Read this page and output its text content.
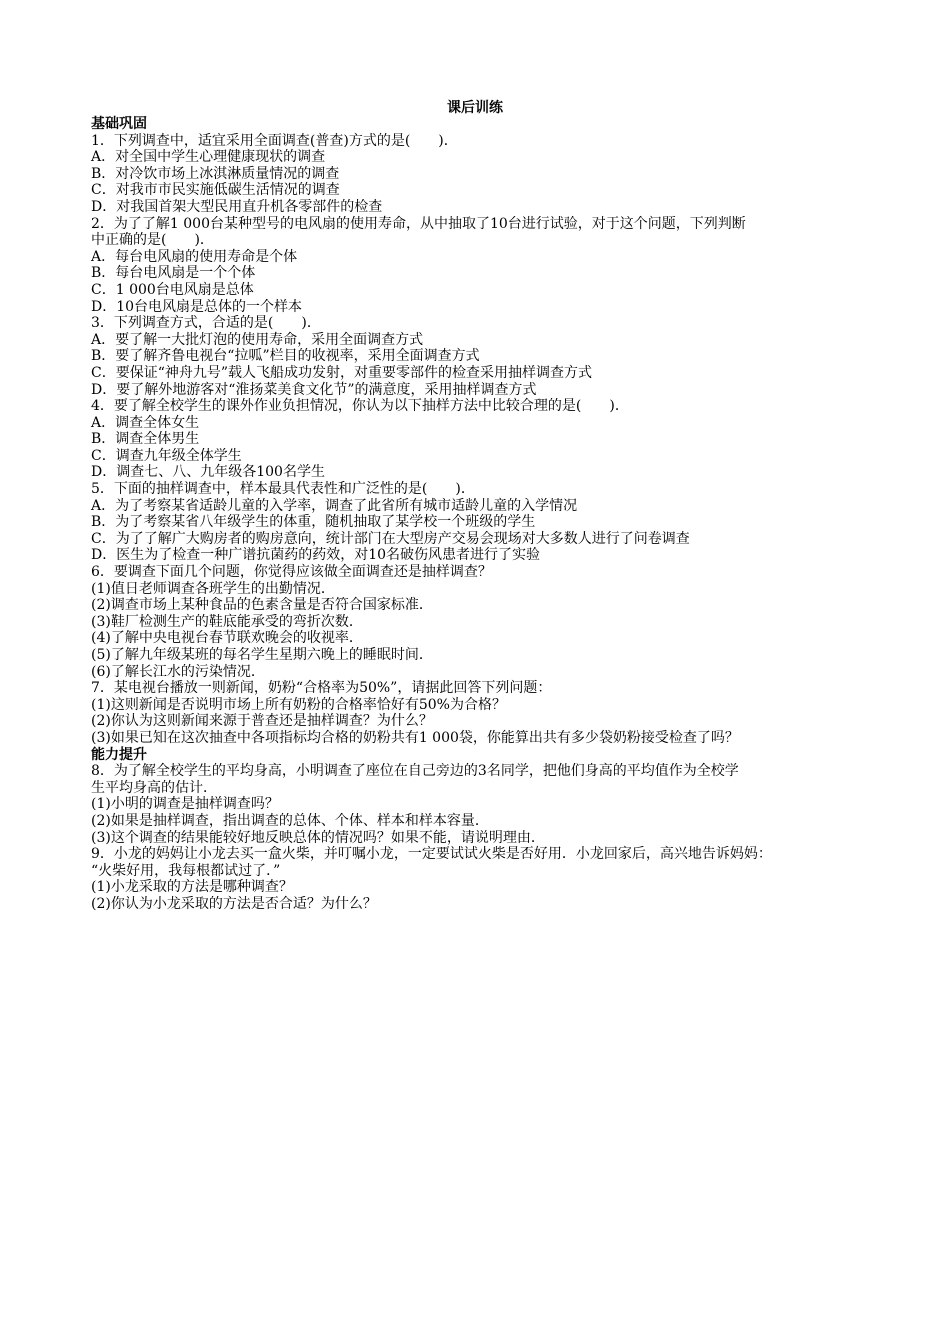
课后训练
基础巩固
1．下列调查中，适宜采用全面调查(普查)方式的是(　　)．
A．对全国中学生心理健康现状的调查
B．对冷饮市场上冰淇淋质量情况的调查
C．对我市市民实施低碳生活情况的调查
D．对我国首架大型民用直升机各零部件的检查
2．为了了解1 000台某种型号的电风扇的使用寿命，从中抽取了10台进行试验，对于这个问题，下列判断
中正确的是(　　)．
A．每台电风扇的使用寿命是个体
B．每台电风扇是一个个体
C．1 000台电风扇是总体
D．10台电风扇是总体的一个样本
3．下列调查方式，合适的是(　　)．
A．要了解一大批灯泡的使用寿命，采用全面调查方式
B．要了解齐鲁电视台“拉呱”栏目的收视率，采用全面调查方式
C．要保证“神舟九号”载人飞船成功发射，对重要零部件的检查采用抽样调查方式
D．要了解外地游客对“淮扬菜美食文化节”的满意度，采用抽样调查方式
4．要了解全校学生的课外作业负担情况，你认为以下抽样方法中比较合理的是(　　)．
A．调查全体女生
B．调查全体男生
C．调查九年级全体学生
D．调查七、八、九年级各100名学生
5．下面的抽样调查中，样本最具代表性和广泛性的是(　　)．
A．为了考察某省适龄儿童的入学率，调查了此省所有城市适龄儿童的入学情况
B．为了考察某省八年级学生的体重，随机抽取了某学校一个班级的学生
C．为了了解广大购房者的购房意向，统计部门在大型房产交易会现场对大多数人进行了问卷调查
D．医生为了检查一种广谱抗菌药的药效，对10名破伤风患者进行了实验
6．要调查下面几个问题，你觉得应该做全面调查还是抽样调查？
(1)值日老师调查各班学生的出勤情况．
(2)调查市场上某种食品的色素含量是否符合国家标准．
(3)鞋厂检测生产的鞋底能承受的弯折次数．
(4)了解中央电视台春节联欢晚会的收视率．
(5)了解九年级某班的每名学生星期六晚上的睡眠时间．
(6)了解长江水的污染情况．
7．某电视台播放一则新闻，奶粉“合格率为50%”，请据此回答下列问题：
(1)这则新闻是否说明市场上所有奶粉的合格率恰好有50%为合格？
(2)你认为这则新闻来源于普查还是抽样调查？为什么？
(3)如果已知在这次抽查中各项指标均合格的奶粉共有1 000袋，你能算出共有多少袋奶粉接受检查了吗？
能力提升
8．为了解全校学生的平均身高，小明调查了座位在自己旁边的3名同学，把他们身高的平均值作为全校学
生平均身高的估计．
(1)小明的调查是抽样调查吗？
(2)如果是抽样调查，指出调查的总体、个体、样本和样本容量．
(3)这个调查的结果能较好地反映总体的情况吗？如果不能，请说明理由．
9．小龙的妈妈让小龙去买一盒火柴，并叮嘱小龙，一定要试试火柴是否好用．小龙回家后，高兴地告诉妈妈：
“火柴好用，我每根都试过了．”
(1)小龙采取的方法是哪种调查？
(2)你认为小龙采取的方法是否合适？为什么？
